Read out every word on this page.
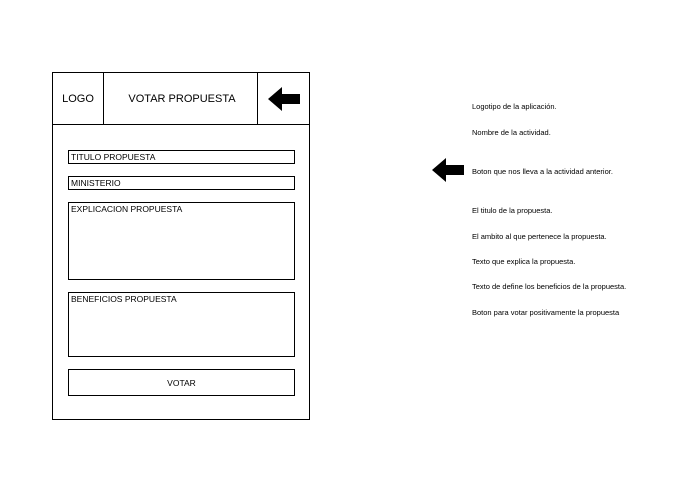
LOGO	VOTAR PROPUESTA
TITULO PROPUESTA
MINISTERIO
EXPLICACION PROPUESTA
BENEFICIOS PROPUESTA
VOTAR
Logotipo de la aplicación.
Nombre de la actividad.
Boton que nos lleva a la actividad anterior.
El titulo de la propuesta.
El ambito al que pertenece la propuesta.
Texto que explica la propuesta.
Texto de define los beneficios de la propuesta.
Boton para votar positivamente la propuesta
